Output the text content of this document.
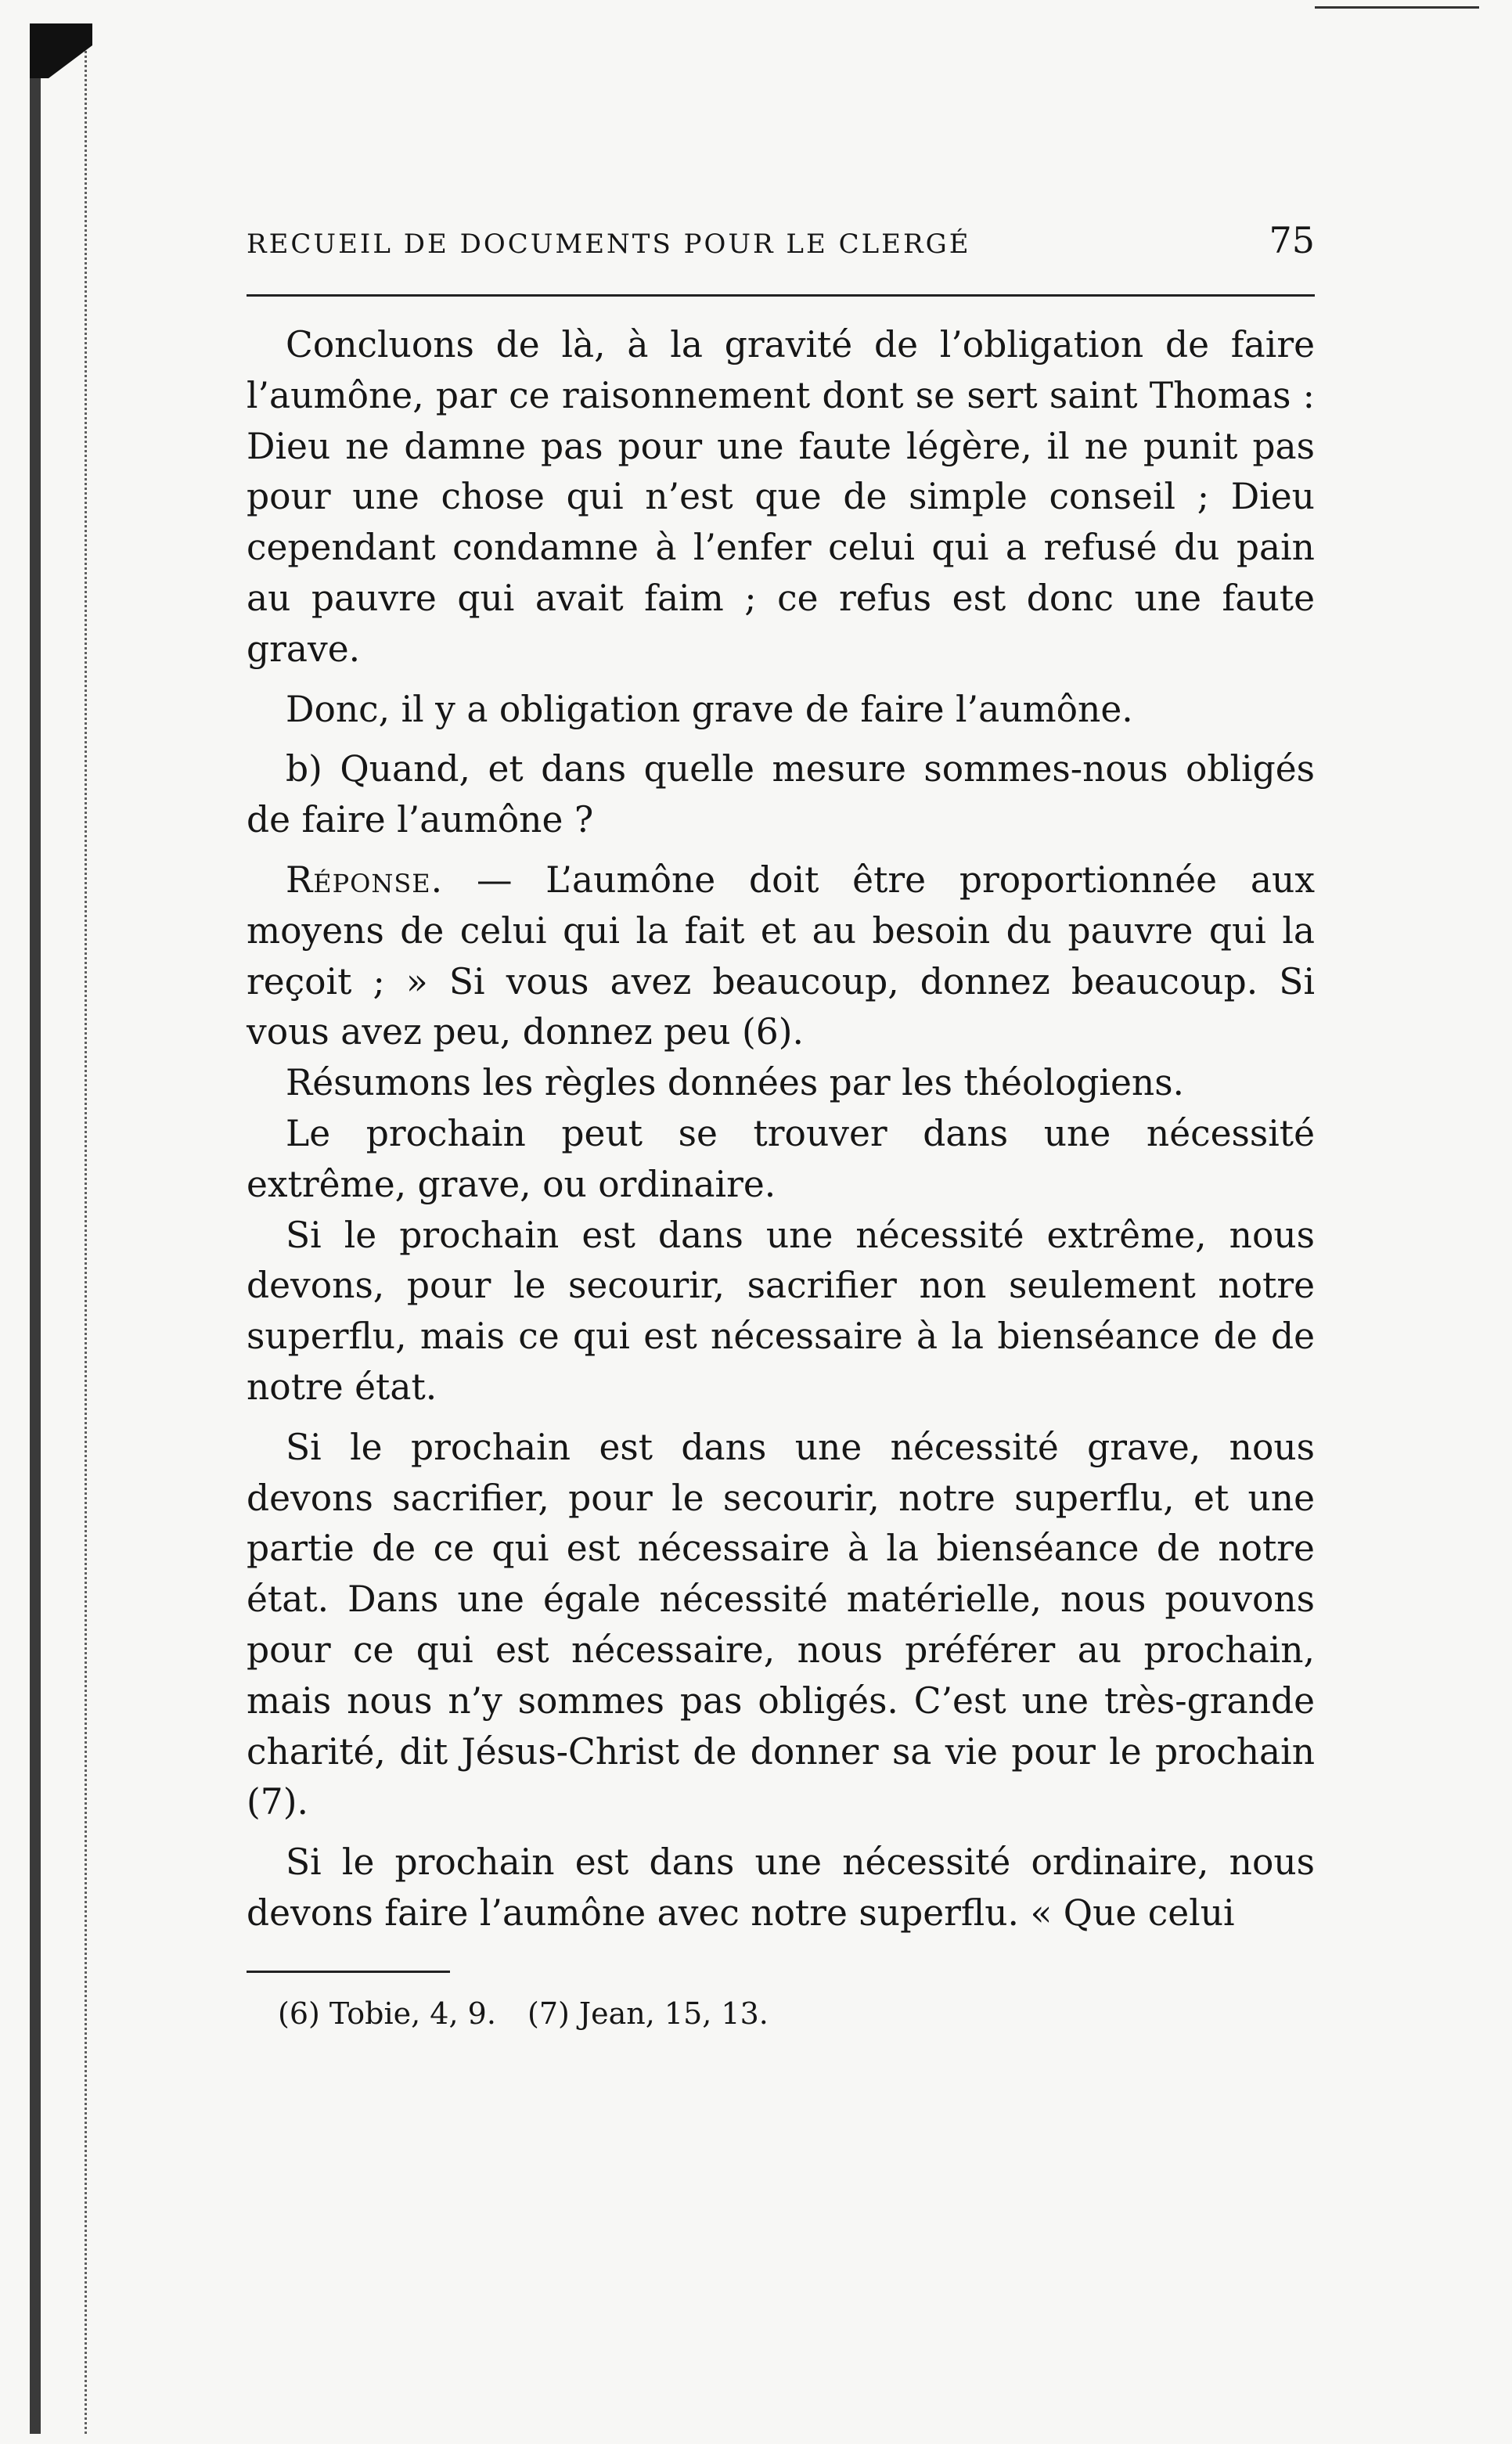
RECUEIL DE DOCUMENTS POUR LE CLERGÉ	75

Concluons de là, à la gravité de l’obligation de faire l’aumône, par ce raisonnement dont se sert saint Thomas : Dieu ne damne pas pour une faute légère, il ne punit pas pour une chose qui n’est que de simple conseil ; Dieu cependant condamne à l’enfer celui qui a refusé du pain au pauvre qui avait faim ; ce refus est donc une faute grave.

Donc, il y a obligation grave de faire l’aumône.

b) Quand, et dans quelle mesure sommes-nous obligés de faire l’aumône ?

Réponse. — L’aumône doit être proportionnée aux moyens de celui qui la fait et au besoin du pauvre qui la reçoit ; » Si vous avez beaucoup, donnez beaucoup. Si vous avez peu, donnez peu (6).

Résumons les règles données par les théologiens.

Le prochain peut se trouver dans une nécessité extrême, grave, ou ordinaire.

Si le prochain est dans une nécessité extrême, nous devons, pour le secourir, sacrifier non seulement notre superflu, mais ce qui est nécessaire à la bienséance de de notre état.

Si le prochain est dans une nécessité grave, nous devons sacrifier, pour le secourir, notre superflu, et une partie de ce qui est nécessaire à la bienséance de notre état. Dans une égale nécessité matérielle, nous pouvons pour ce qui est nécessaire, nous préférer au prochain, mais nous n’y sommes pas obligés. C’est une très-grande charité, dit Jésus-Christ de donner sa vie pour le prochain (7).

Si le prochain est dans une nécessité ordinaire, nous devons faire l’aumône avec notre superflu. « Que celui

(6) Tobie, 4, 9. (7) Jean, 15, 13.
